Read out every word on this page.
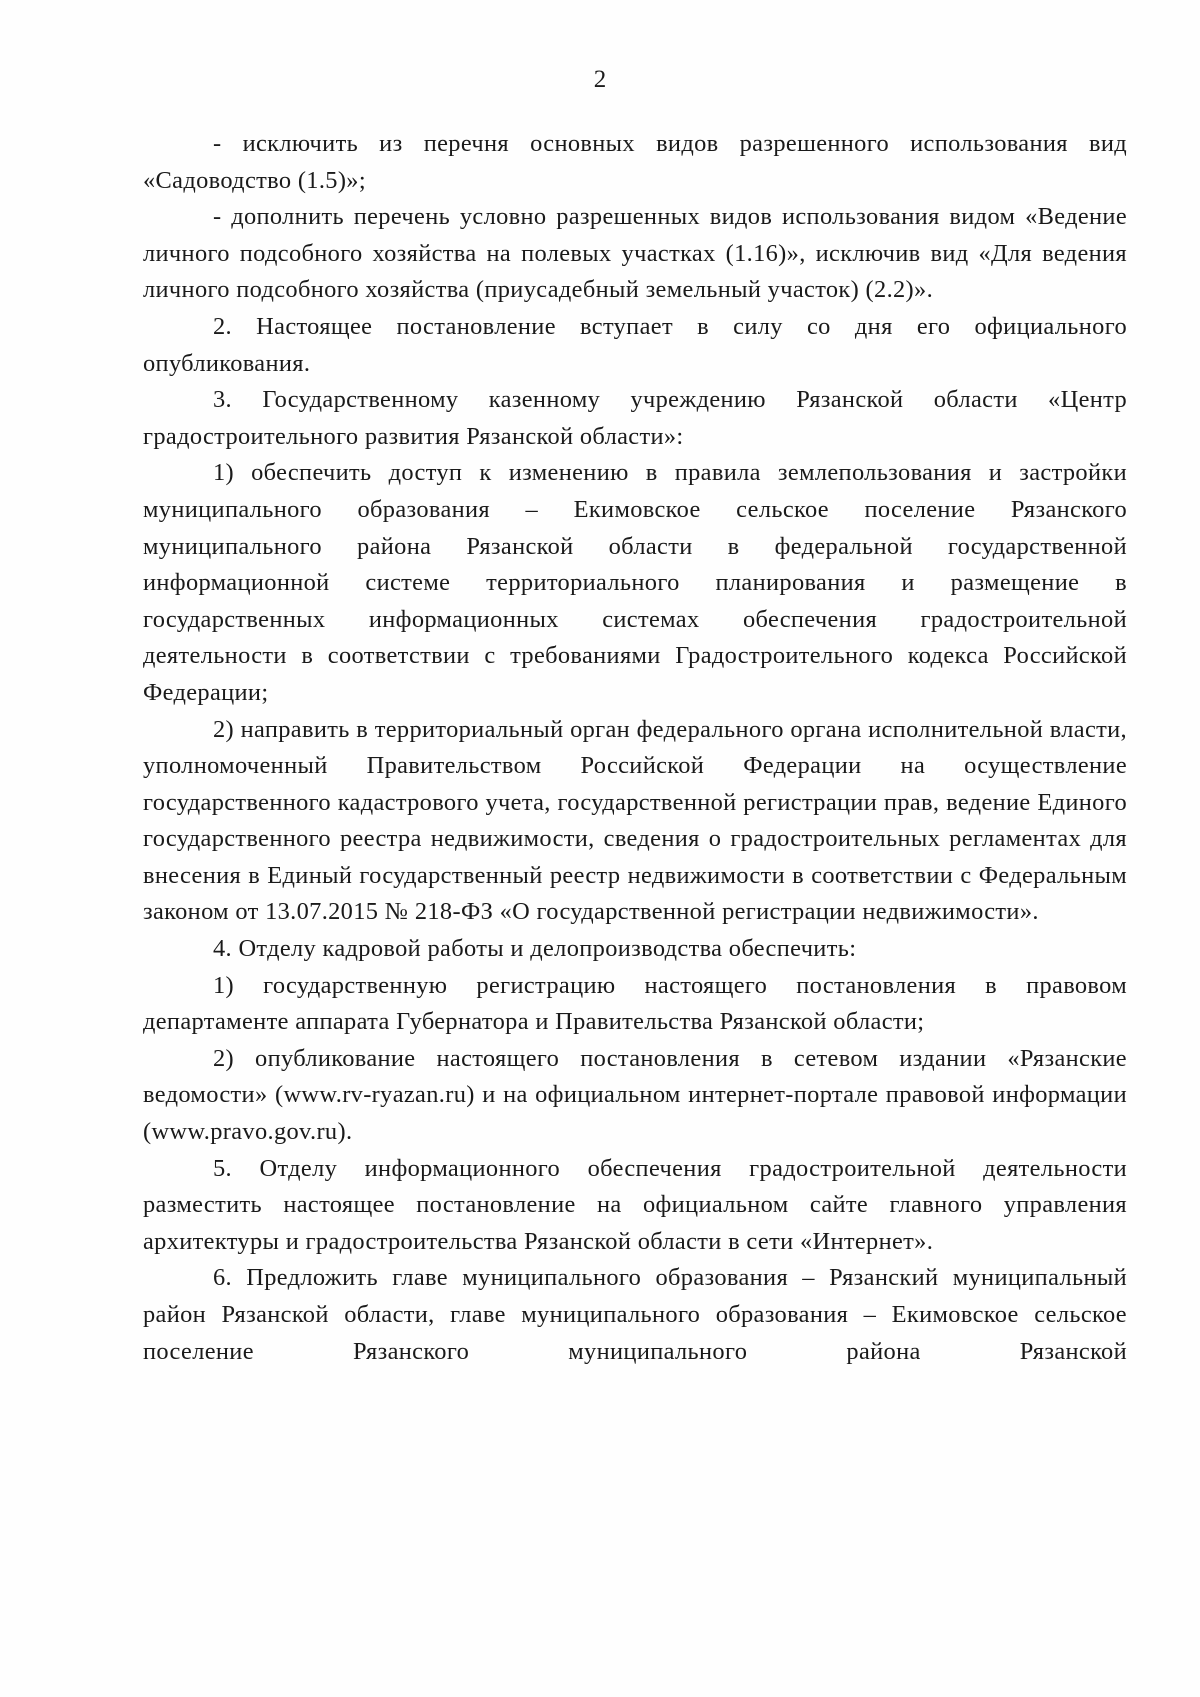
2

- исключить из перечня основных видов разрешенного использования вид «Садоводство (1.5)»;

- дополнить перечень условно разрешенных видов использования видом «Ведение личного подсобного хозяйства на полевых участках (1.16)», исключив вид «Для ведения личного подсобного хозяйства (приусадебный земельный участок) (2.2)».

2. Настоящее постановление вступает в силу со дня его официального опубликования.

3. Государственному казенному учреждению Рязанской области «Центр градостроительного развития Рязанской области»:

1) обеспечить доступ к изменению в правила землепользования и застройки муниципального образования – Екимовское сельское поселение Рязанского муниципального района Рязанской области в федеральной государственной информационной системе территориального планирования и размещение в государственных информационных системах обеспечения градостроительной деятельности в соответствии с требованиями Градостроительного кодекса Российской Федерации;

2) направить в территориальный орган федерального органа исполнительной власти, уполномоченный Правительством Российской Федерации на осуществление государственного кадастрового учета, государственной регистрации прав, ведение Единого государственного реестра недвижимости, сведения о градостроительных регламентах для внесения в Единый государственный реестр недвижимости в соответствии с Федеральным законом от 13.07.2015 № 218-ФЗ «О государственной регистрации недвижимости».

4. Отделу кадровой работы и делопроизводства обеспечить:

1) государственную регистрацию настоящего постановления в правовом департаменте аппарата Губернатора и Правительства Рязанской области;

2) опубликование настоящего постановления в сетевом издании «Рязанские ведомости» (www.rv-ryazan.ru) и на официальном интернет-портале правовой информации (www.pravo.gov.ru).

5. Отделу информационного обеспечения градостроительной деятельности разместить настоящее постановление на официальном сайте главного управления архитектуры и градостроительства Рязанской области в сети «Интернет».

6. Предложить главе муниципального образования – Рязанский муниципальный район Рязанской области, главе муниципального образования – Екимовское сельское поселение Рязанского муниципального района Рязанской
